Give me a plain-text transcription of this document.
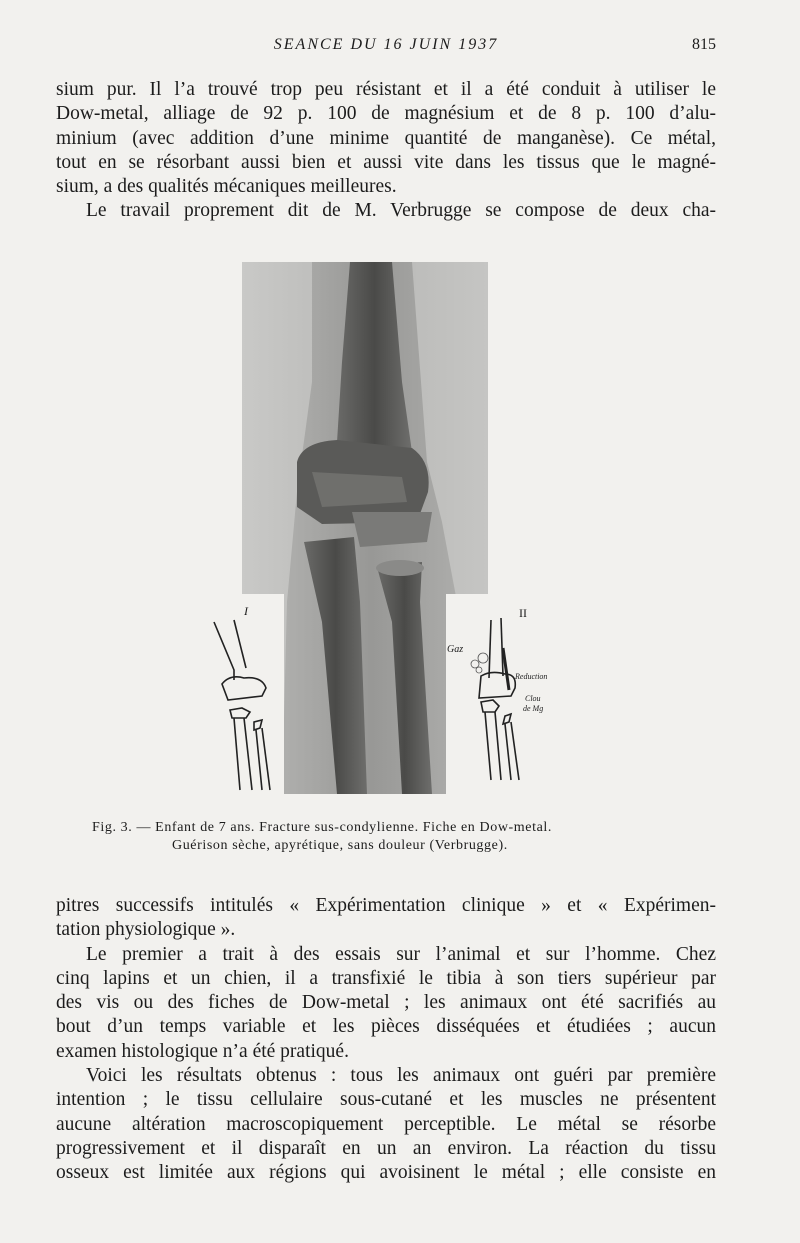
SEANCE DU 16 JUIN 1937	815

sium pur. Il l’a trouvé trop peu résistant et il a été conduit à utiliser le
Dow-metal, alliage de 92 p. 100 de magnésium et de 8 p. 100 d’alu-
minium (avec addition d’une minime quantité de manganèse). Ce métal,
tout en se résorbant aussi bien et aussi vite dans les tissus que le magné-
sium, a des qualités mécaniques meilleures.
Le travail proprement dit de M. Verbrugge se compose de deux cha-

I	II
Gaz
Reduction
Clou
de Mg
Fig. 3. — Enfant de 7 ans. Fracture sus-condylienne. Fiche en Dow-metal.
Guérison sèche, apyrétique, sans douleur (Verbrugge).

pitres successifs intitulés « Expérimentation clinique » et « Expérimen-
tation physiologique ».
Le premier a trait à des essais sur l’animal et sur l’homme. Chez
cinq lapins et un chien, il a transfixié le tibia à son tiers supérieur par
des vis ou des fiches de Dow-metal ; les animaux ont été sacrifiés au
bout d’un temps variable et les pièces disséquées et étudiées ; aucun
examen histologique n’a été pratiqué.
Voici les résultats obtenus : tous les animaux ont guéri par première
intention ; le tissu cellulaire sous-cutané et les muscles ne présentent
aucune altération macroscopiquement perceptible. Le métal se résorbe
progressivement et il disparaît en un an environ. La réaction du tissu
osseux est limitée aux régions qui avoisinent le métal ; elle consiste en
